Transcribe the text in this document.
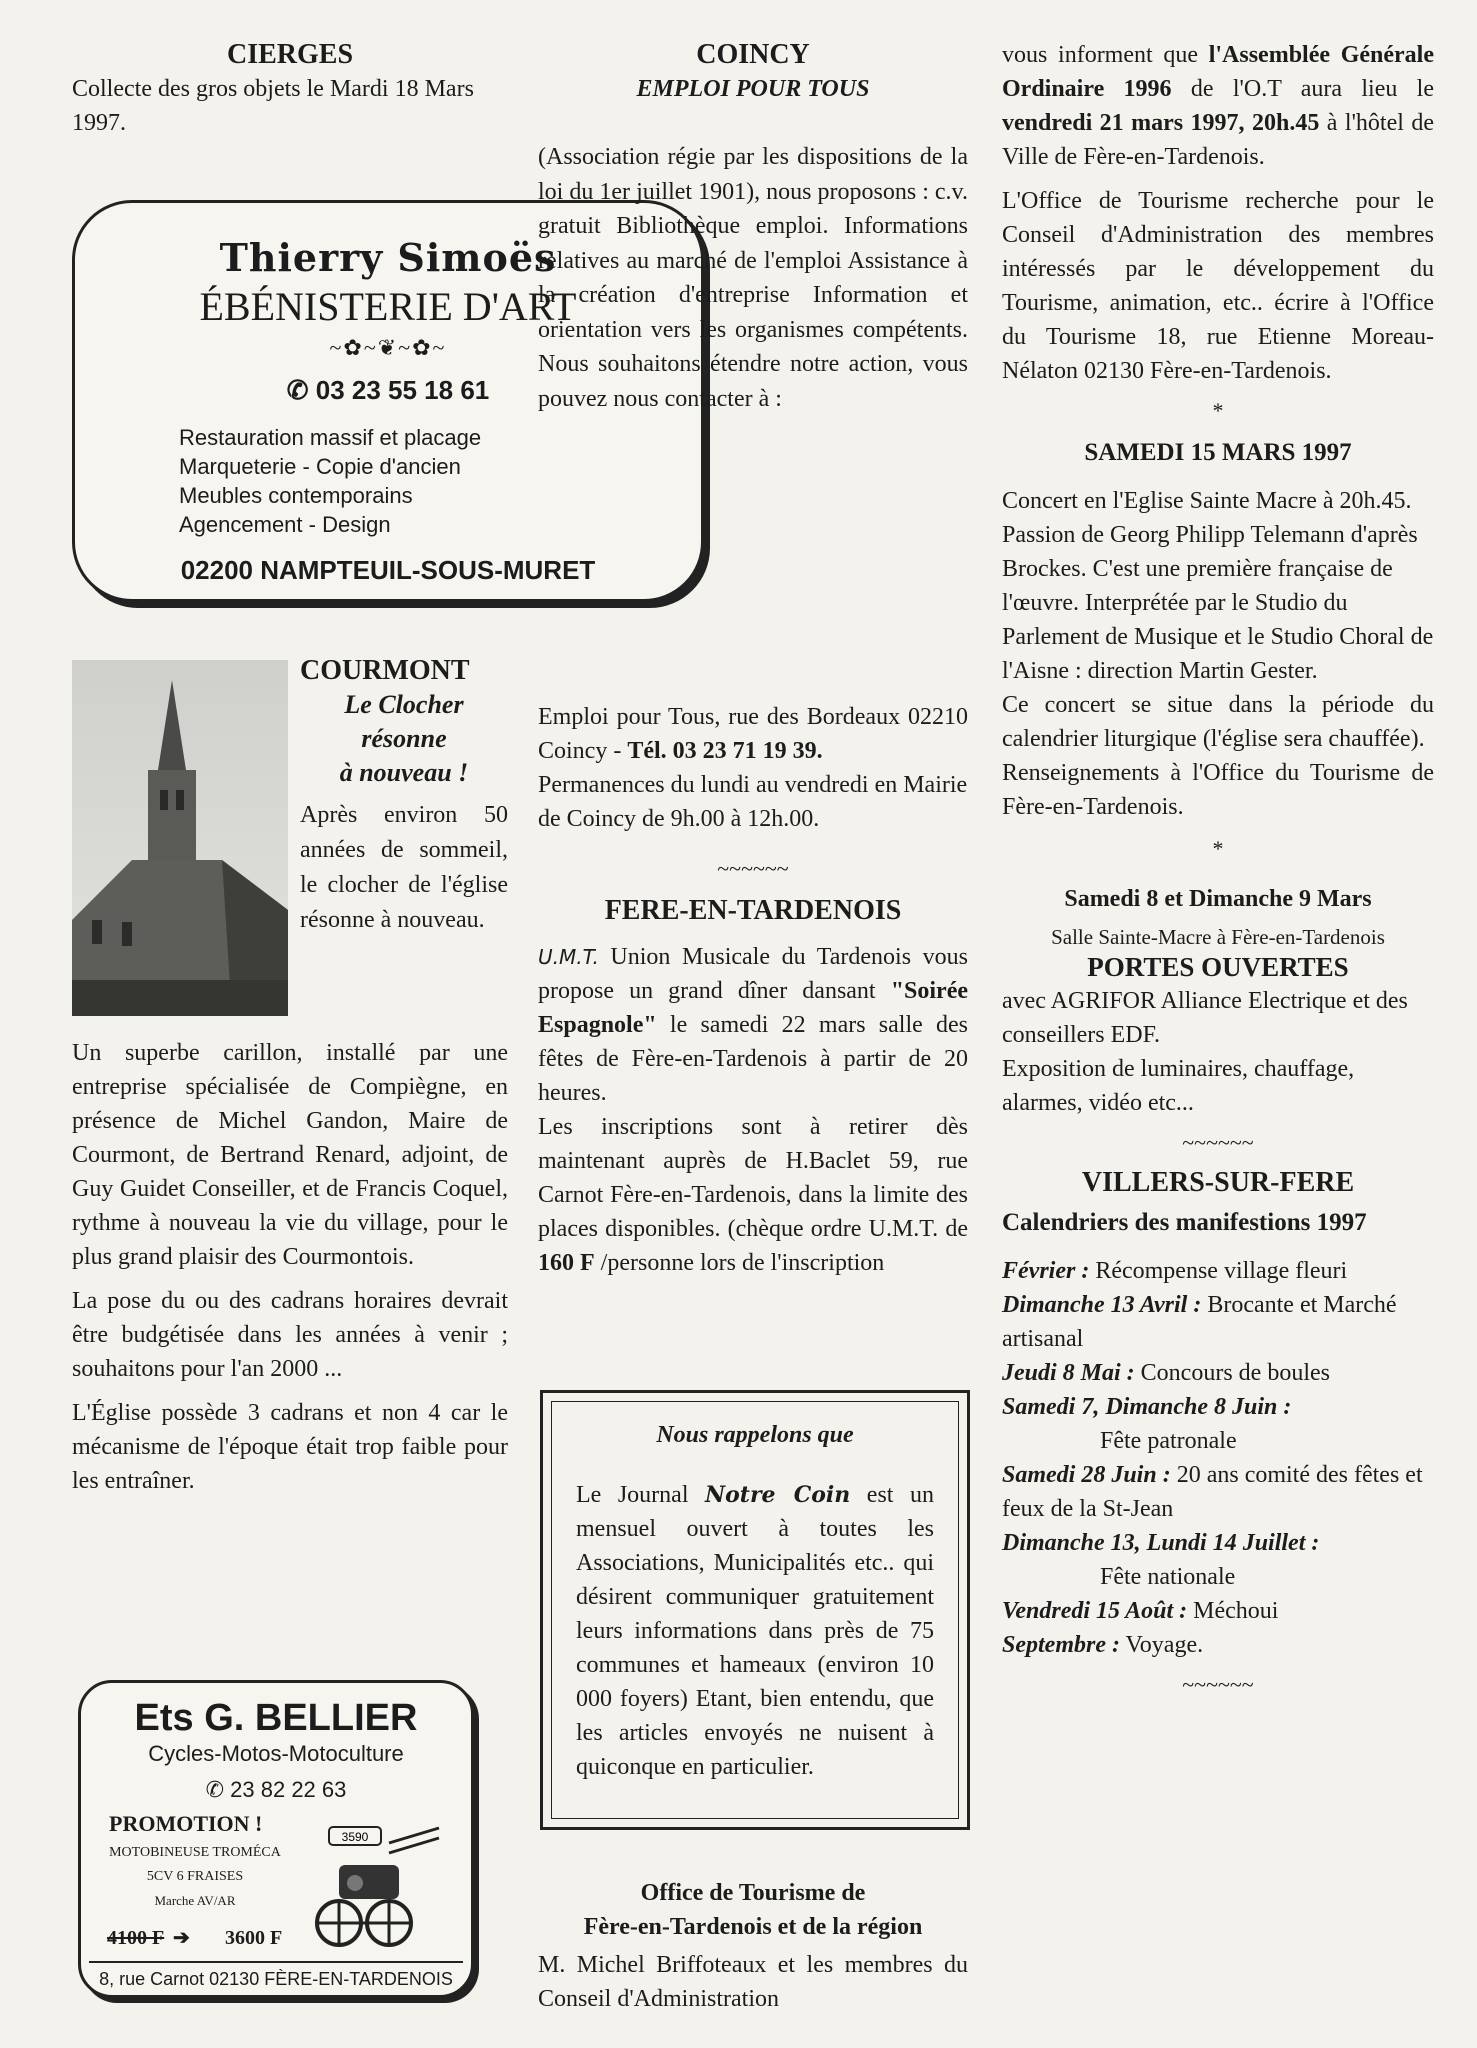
CIERGES

Collecte des gros objets le Mardi 18 Mars 1997.

Thierry Simoës
ÉBÉNISTERIE D'ART
~✿~❦~✿~
✆ 03 23 55 18 61
Restauration massif et placage
Marqueterie - Copie d'ancien
Meubles contemporains
Agencement - Design
02200 NAMPTEUIL-SOUS-MURET

COURMONT

Le Clocher

résonne

à nouveau !

Après environ 50 années de sommeil, le clocher de l'église résonne à nouveau.

Un superbe carillon, installé par une entreprise spécialisée de Compiègne, en présence de Michel Gandon, Maire de Courmont, de Bertrand Renard, adjoint, de Guy Guidet Conseiller, et de Francis Coquel, rythme à nouveau la vie du village, pour le plus grand plaisir des Courmontois.

La pose du ou des cadrans horaires devrait être budgétisée dans les années à venir ; souhaitons pour l'an 2000 ...

L'Église possède 3 cadrans et non 4 car le mécanisme de l'époque était trop faible pour les entraîner.

Ets G. BELLIER
Cycles-Motos-Motoculture
✆ 23 82 22 63
PROMOTION !
MOTOBINEUSE TROMÉCA
5CV 6 FRAISES
Marche AV/AR
4100 F ➔ 3600 F
3590
8, rue Carnot 02130 FÈRE-EN-TARDENOIS

COINCY

EMPLOI POUR TOUS

(Association régie par les dispositions de la loi du 1er juillet 1901), nous proposons : c.v. gratuit Bibliothèque emploi. Informations relatives au marché de l'emploi Assistance à la création d'entreprise Information et orientation vers les organismes compétents. Nous souhaitons étendre notre action, vous pouvez nous contacter à :

Emploi pour Tous, rue des Bordeaux 02210 Coincy - Tél. 03 23 71 19 39.

Permanences du lundi au vendredi en Mairie de Coincy de 9h.00 à 12h.00.

~~~~~~

FERE-EN-TARDENOIS

U.M.T. Union Musicale du Tardenois vous propose un grand dîner dansant "Soirée Espagnole" le samedi 22 mars salle des fêtes de Fère-en-Tardenois à partir de 20 heures.

Les inscriptions sont à retirer dès maintenant auprès de H.Baclet 59, rue Carnot Fère-en-Tardenois, dans la limite des places disponibles. (chèque ordre U.M.T. de 160 F /personne lors de l'inscription

Nous rappelons que

Le Journal Notre Coin est un mensuel ouvert à toutes les Associations, Municipalités etc.. qui désirent communiquer gratuitement leurs informations dans près de 75 communes et hameaux (environ 10 000 foyers) Etant, bien entendu, que les articles envoyés ne nuisent à quiconque en particulier.

Office de Tourisme de

Fère-en-Tardenois et de la région

M. Michel Briffoteaux et les membres du Conseil d'Administration

vous informent que l'Assemblée Générale Ordinaire 1996 de l'O.T aura lieu le vendredi 21 mars 1997, 20h.45 à l'hôtel de Ville de Fère-en-Tardenois.

L'Office de Tourisme recherche pour le Conseil d'Administration des membres intéressés par le développement du Tourisme, animation, etc.. écrire à l'Office du Tourisme 18, rue Etienne Moreau-Nélaton 02130 Fère-en-Tardenois.

*

SAMEDI 15 MARS 1997

Concert en l'Eglise Sainte Macre à 20h.45.

Passion de Georg Philipp Telemann d'après Brockes. C'est une première française de l'œuvre. Interprétée par le Studio du Parlement de Musique et le Studio Choral de l'Aisne : direction Martin Gester.

Ce concert se situe dans la période du calendrier liturgique (l'église sera chauffée).

Renseignements à l'Office du Tourisme de Fère-en-Tardenois.

*

Samedi 8 et Dimanche 9 Mars

Salle Sainte-Macre à Fère-en-Tardenois

PORTES OUVERTES

avec AGRIFOR Alliance Electrique et des conseillers EDF.

Exposition de luminaires, chauffage, alarmes, vidéo etc...

~~~~~~

VILLERS-SUR-FERE

Calendriers des manifestions 1997

Février : Récompense village fleuri

Dimanche 13 Avril : Brocante et Marché artisanal

Jeudi 8 Mai : Concours de boules

Samedi 7, Dimanche 8 Juin :

Fête patronale

Samedi 28 Juin : 20 ans comité des fêtes et feux de la St-Jean

Dimanche 13, Lundi 14 Juillet :

Fête nationale

Vendredi 15 Août : Méchoui

Septembre : Voyage.

~~~~~~
